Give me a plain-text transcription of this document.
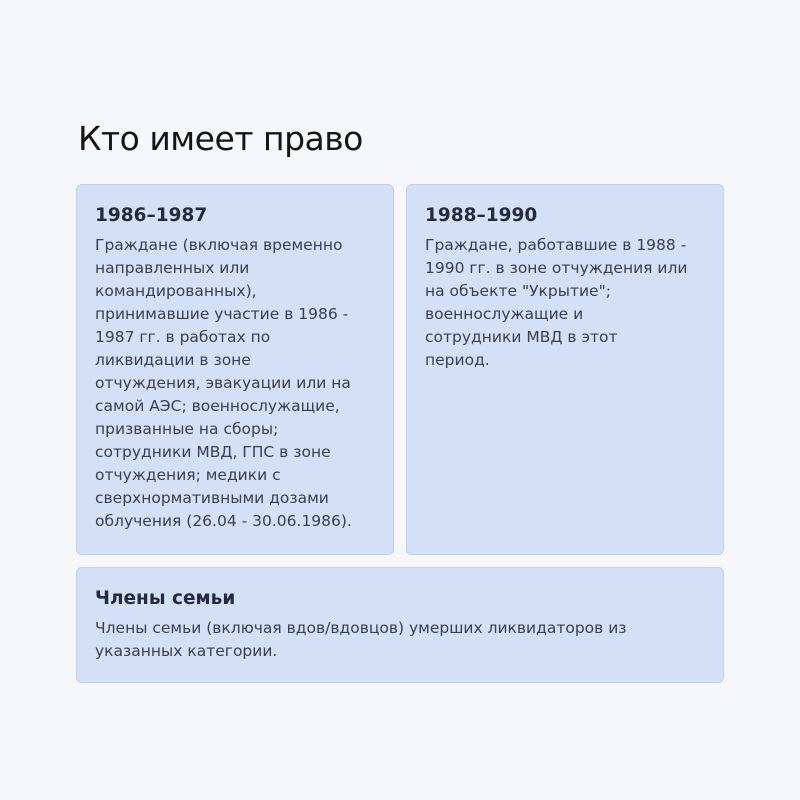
Кто имеет право
1986–1987
Граждане (включая временно
направленных или
командированных),
принимавшие участие в 1986 -
1987 гг. в работах по
ликвидации в зоне
отчуждения, эвакуации или на
самой АЭС; военнослужащие,
призванные на сборы;
сотрудники МВД, ГПС в зоне
отчуждения; медики с
сверхнормативными дозами
облучения (26.04 - 30.06.1986).
1988–1990
Граждане, работавшие в 1988 -
1990 гг. в зоне отчуждения или
на объекте "Укрытие";
военнослужащие и
сотрудники МВД в этот
период.
Члены семьи
Члены семьи (включая вдов/вдовцов) умерших ликвидаторов из
указанных категории.
